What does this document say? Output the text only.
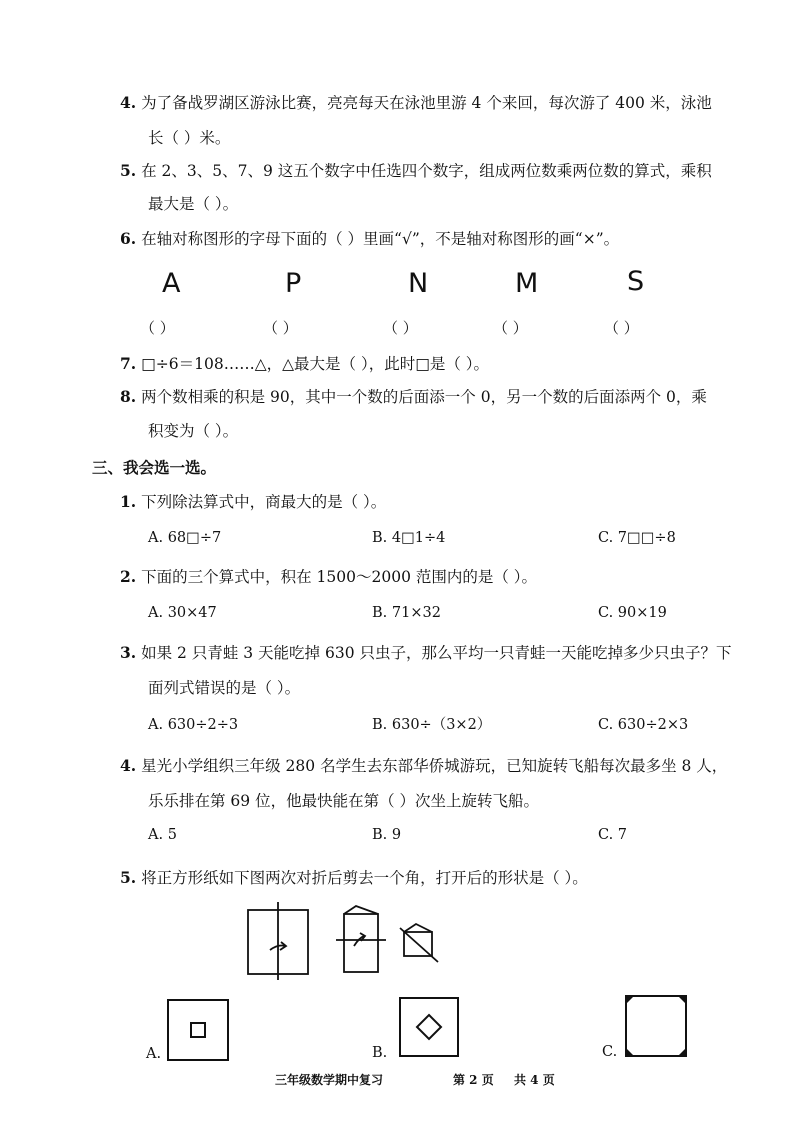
4. 为了备战罗湖区游泳比赛，亮亮每天在泳池里游 4 个来回，每次游了 400 米，泳池
长（ ）米。
5. 在 2、3、5、7、9 这五个数字中任选四个数字，组成两位数乘两位数的算式，乘积
最大是（ ）。
6. 在轴对称图形的字母下面的（ ）里画“√”，不是轴对称图形的画“×”。
A	P	N	M	S
（ ）	（ ）	（ ）	（ ）	（ ）
7. □÷6＝108……△，△最大是（ ），此时□是（ ）。
8. 两个数相乘的积是 90，其中一个数的后面添一个 0，另一个数的后面添两个 0，乘
积变为（ ）。
三、我会选一选。
1. 下列除法算式中，商最大的是（ ）。
A. 68□÷7	B. 4□1÷4	C. 7□□÷8
2. 下面的三个算式中，积在 1500～2000 范围内的是（ ）。
A. 30×47	B. 71×32	C. 90×19
3. 如果 2 只青蛙 3 天能吃掉 630 只虫子，那么平均一只青蛙一天能吃掉多少只虫子？下
面列式错误的是（ ）。
A. 630÷2÷3	B. 630÷（3×2）	C. 630÷2×3
4. 星光小学组织三年级 280 名学生去东部华侨城游玩，已知旋转飞船每次最多坐 8 人，
乐乐排在第 69 位，他最快能在第（ ）次坐上旋转飞船。
A. 5	B. 9	C. 7
5. 将正方形纸如下图两次对折后剪去一个角，打开后的形状是（ ）。
A.	B.	C.
三年级数学期中复习	第 2 页 共 4 页
